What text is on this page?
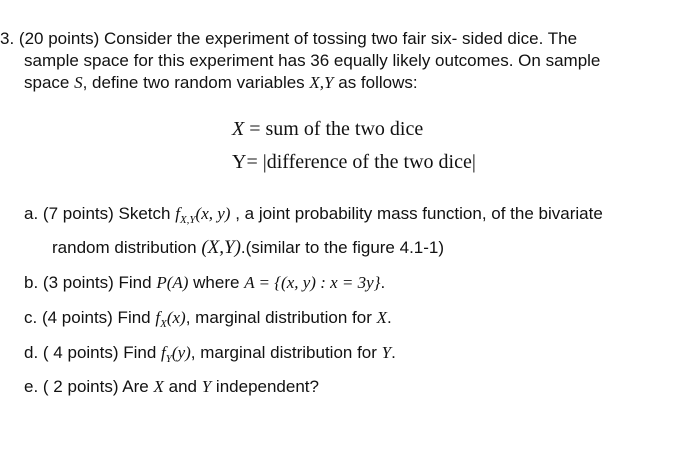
3. (20 points) Consider the experiment of tossing two fair six- sided dice. The
sample space for this experiment has 36 equally likely outcomes. On sample
space S, define two random variables X,Y as follows:
X = sum of the two dice
Y= |difference of the two dice|
a. (7 points) Sketch $f_{X,Y}(x$, y) , a joint probability mass function, of the bivariate
random distribution (X,Y).(similar to the figure 4.1-1)
b. (3 points) Find P(A) where A = {(x, y) : x = 3y}.
c. (4 points) Find $f_X(x)$, marginal distribution for X.
d. ( 4 points) Find $f_Y(y)$, marginal distribution for Y.
e. ( 2 points) Are X and Y independent?
